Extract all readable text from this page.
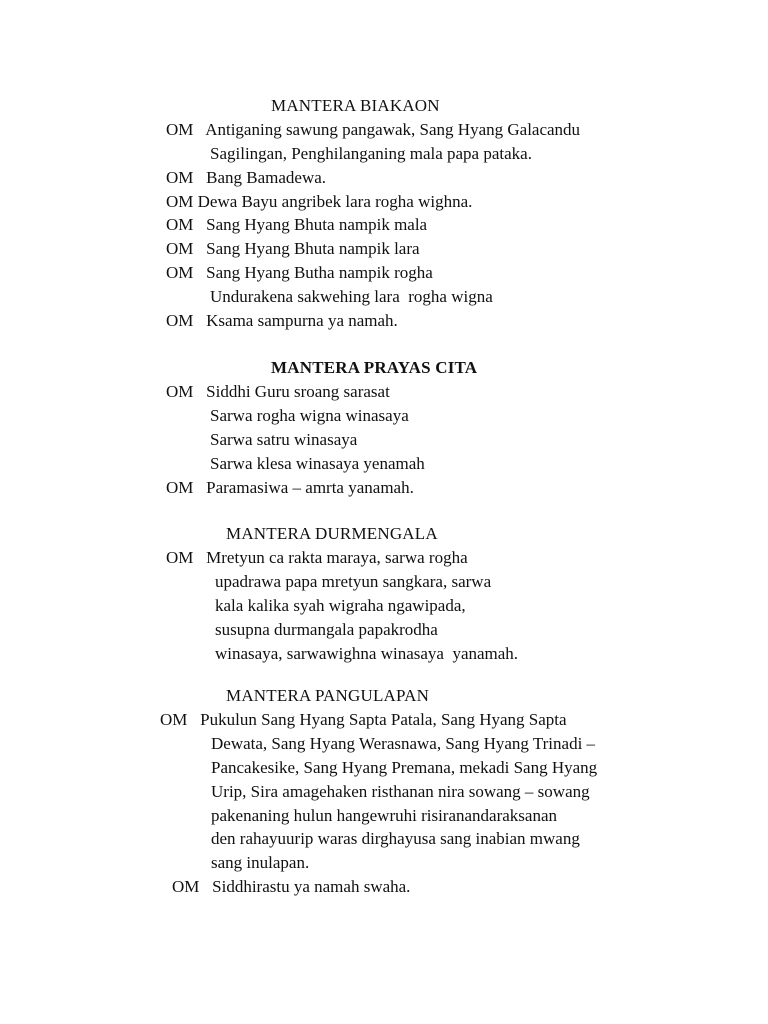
MANTERA BIAKAON
OM   Antiganing sawung pangawak, Sang Hyang Galacandu
Sagilingan, Penghilanganing mala papa pataka.
OM   Bang Bamadewa.
OM Dewa Bayu angribek lara rogha wighna.
OM   Sang Hyang Bhuta nampik mala
OM   Sang Hyang Bhuta nampik lara
OM   Sang Hyang Butha nampik rogha
Undurakena sakwehing lara  rogha wigna
OM   Ksama sampurna ya namah.
MANTERA PRAYAS CITA
OM   Siddhi Guru sroang sarasat
Sarwa rogha wigna winasaya
Sarwa satru winasaya
Sarwa klesa winasaya yenamah
OM   Paramasiwa – amrta yanamah.
MANTERA DURMENGALA
OM   Mretyun ca rakta maraya, sarwa rogha
upadrawa papa mretyun sangkara, sarwa
kala kalika syah wigraha ngawipada,
susupna durmangala papakrodha
winasaya, sarwawighna winasaya  yanamah.
MANTERA PANGULAPAN
OM   Pukulun Sang Hyang Sapta Patala, Sang Hyang Sapta
Dewata, Sang Hyang Werasnawa, Sang Hyang Trinadi –
Pancakesike, Sang Hyang Premana, mekadi Sang Hyang
Urip, Sira amagehaken risthanan nira sowang – sowang
pakenaning hulun hangewruhi risiranandaraksanan
den rahayuurip waras dirghayusa sang inabian mwang
sang inulapan.
OM   Siddhirastu ya namah swaha.
